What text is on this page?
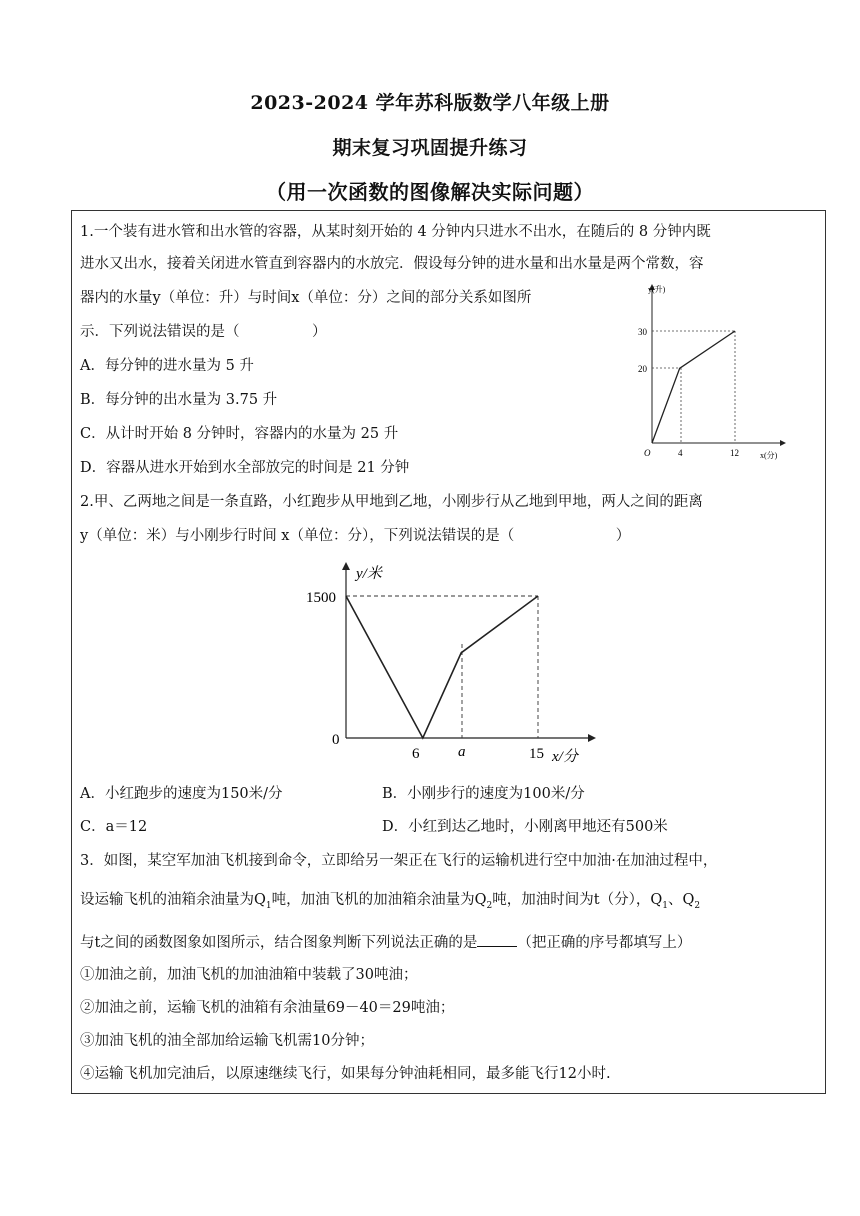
2023-2024 学年苏科版数学八年级上册
期末复习巩固提升练习
（用一次函数的图像解决实际问题）
1.一个装有进水管和出水管的容器，从某时刻开始的 4 分钟内只进水不出水，在随后的 8 分钟内既
进水又出水，接着关闭进水管直到容器内的水放完．假设每分钟的进水量和出水量是两个常数，容
器内的水量y（单位：升）与时间x（单位：分）之间的部分关系如图所
示．下列说法错误的是（　　　　　）
A．每分钟的进水量为 5 升
B．每分钟的出水量为 3.75 升
C．从计时开始 8 分钟时，容器内的水量为 25 升
D．容器从进水开始到水全部放完的时间是 21 分钟
y(升)
x(分)
O
30
20
4	12
2.甲、乙两地之间是一条直路，小红跑步从甲地到乙地，小刚步行从乙地到甲地，两人之间的距离
y（单位：米）与小刚步行时间 x（单位：分），下列说法错误的是（　　　　　　　）
y/米
x/分
1500
0
6	a	15
A．小红跑步的速度为150米/分	B．小刚步行的速度为100米/分
C．a＝12	D．小红到达乙地时，小刚离甲地还有500米
3．如图，某空军加油飞机接到命令，立即给另一架正在飞行的运输机进行空中加油·在加油过程中，
设运输飞机的油箱余油量为$Q_1$吨，加油飞机的加油箱余油量为$Q_2$吨，加油时间为t（分），$Q_1$、$Q_2$
与t之间的函数图象如图所示，结合图象判断下列说法正确的是	（把正确的序号都填写上）
①加油之前，加油飞机的加油油箱中装载了30吨油；
②加油之前，运输飞机的油箱有余油量69－40＝29吨油；
③加油飞机的油全部加给运输飞机需10分钟；
④运输飞机加完油后，以原速继续飞行，如果每分钟油耗相同，最多能飞行12小时.
